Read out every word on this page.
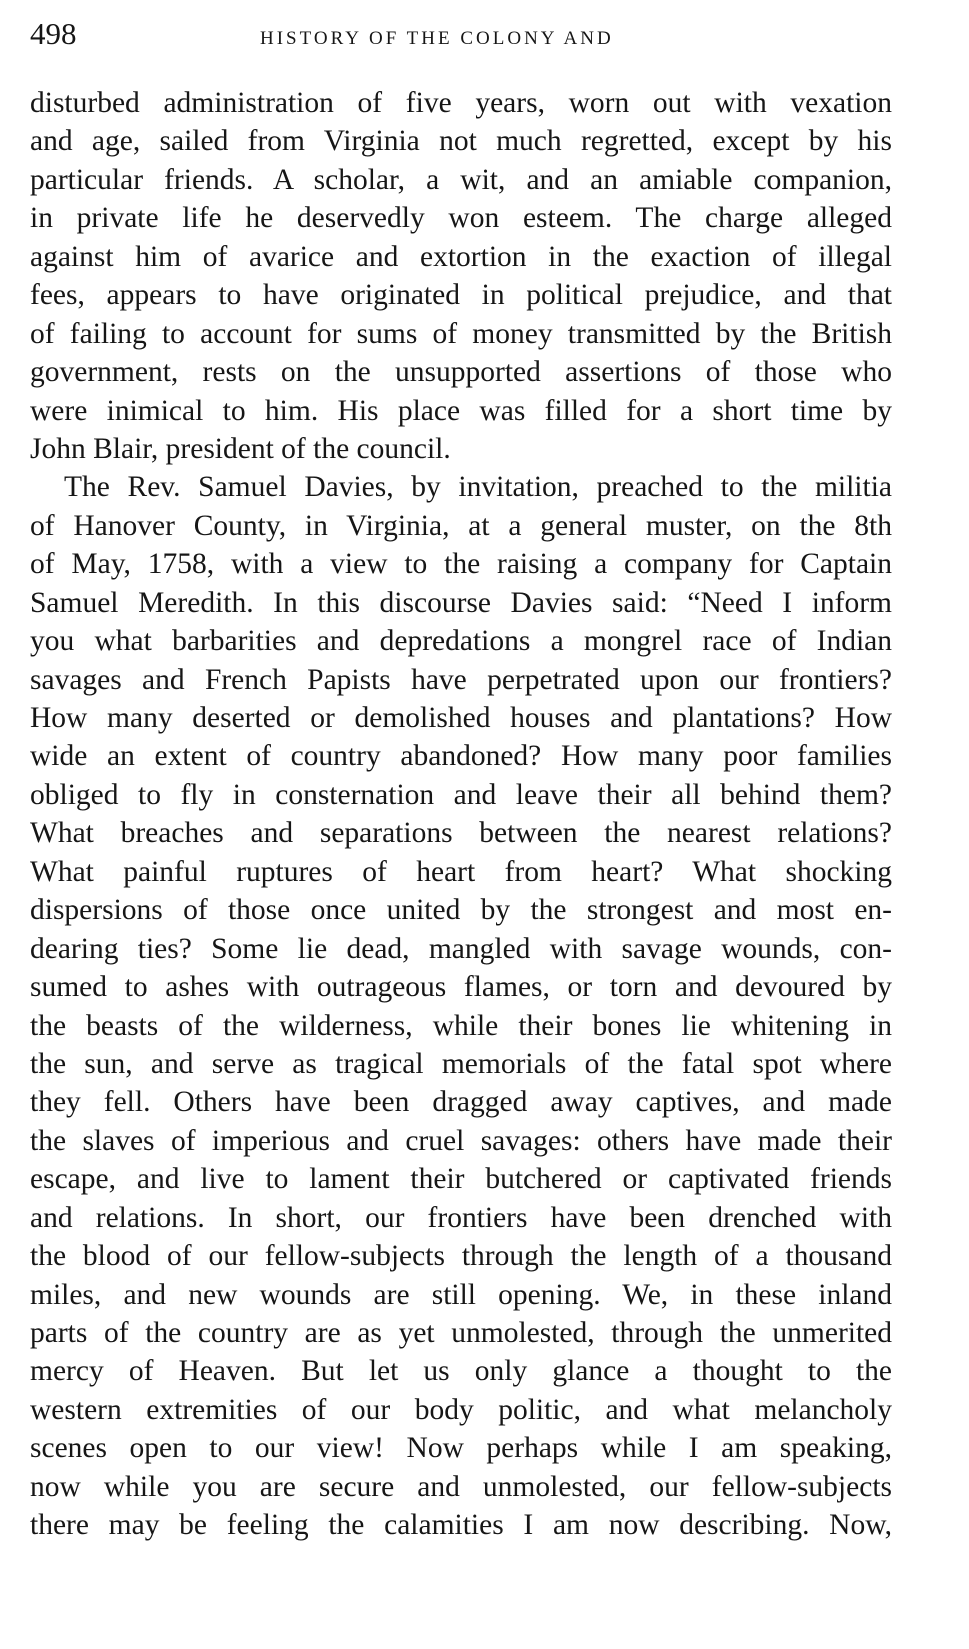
498	HISTORY OF THE COLONY AND
disturbed administration of five years, worn out with vexation
and age, sailed from Virginia not much regretted, except by his
particular friends. A scholar, a wit, and an amiable companion,
in private life he deservedly won esteem. The charge alleged
against him of avarice and extortion in the exaction of illegal
fees, appears to have originated in political prejudice, and that
of failing to account for sums of money transmitted by the British
government, rests on the unsupported assertions of those who
were inimical to him. His place was filled for a short time by
John Blair, president of the council.
The Rev. Samuel Davies, by invitation, preached to the militia
of Hanover County, in Virginia, at a general muster, on the 8th
of May, 1758, with a view to the raising a company for Captain
Samuel Meredith. In this discourse Davies said: “Need I inform
you what barbarities and depredations a mongrel race of Indian
savages and French Papists have perpetrated upon our frontiers?
How many deserted or demolished houses and plantations? How
wide an extent of country abandoned? How many poor families
obliged to fly in consternation and leave their all behind them?
What breaches and separations between the nearest relations?
What painful ruptures of heart from heart? What shocking
dispersions of those once united by the strongest and most en-
dearing ties? Some lie dead, mangled with savage wounds, con-
sumed to ashes with outrageous flames, or torn and devoured by
the beasts of the wilderness, while their bones lie whitening in
the sun, and serve as tragical memorials of the fatal spot where
they fell. Others have been dragged away captives, and made
the slaves of imperious and cruel savages: others have made their
escape, and live to lament their butchered or captivated friends
and relations. In short, our frontiers have been drenched with
the blood of our fellow-subjects through the length of a thousand
miles, and new wounds are still opening. We, in these inland
parts of the country are as yet unmolested, through the unmerited
mercy of Heaven. But let us only glance a thought to the
western extremities of our body politic, and what melancholy
scenes open to our view! Now perhaps while I am speaking,
now while you are secure and unmolested, our fellow-subjects
there may be feeling the calamities I am now describing. Now,
